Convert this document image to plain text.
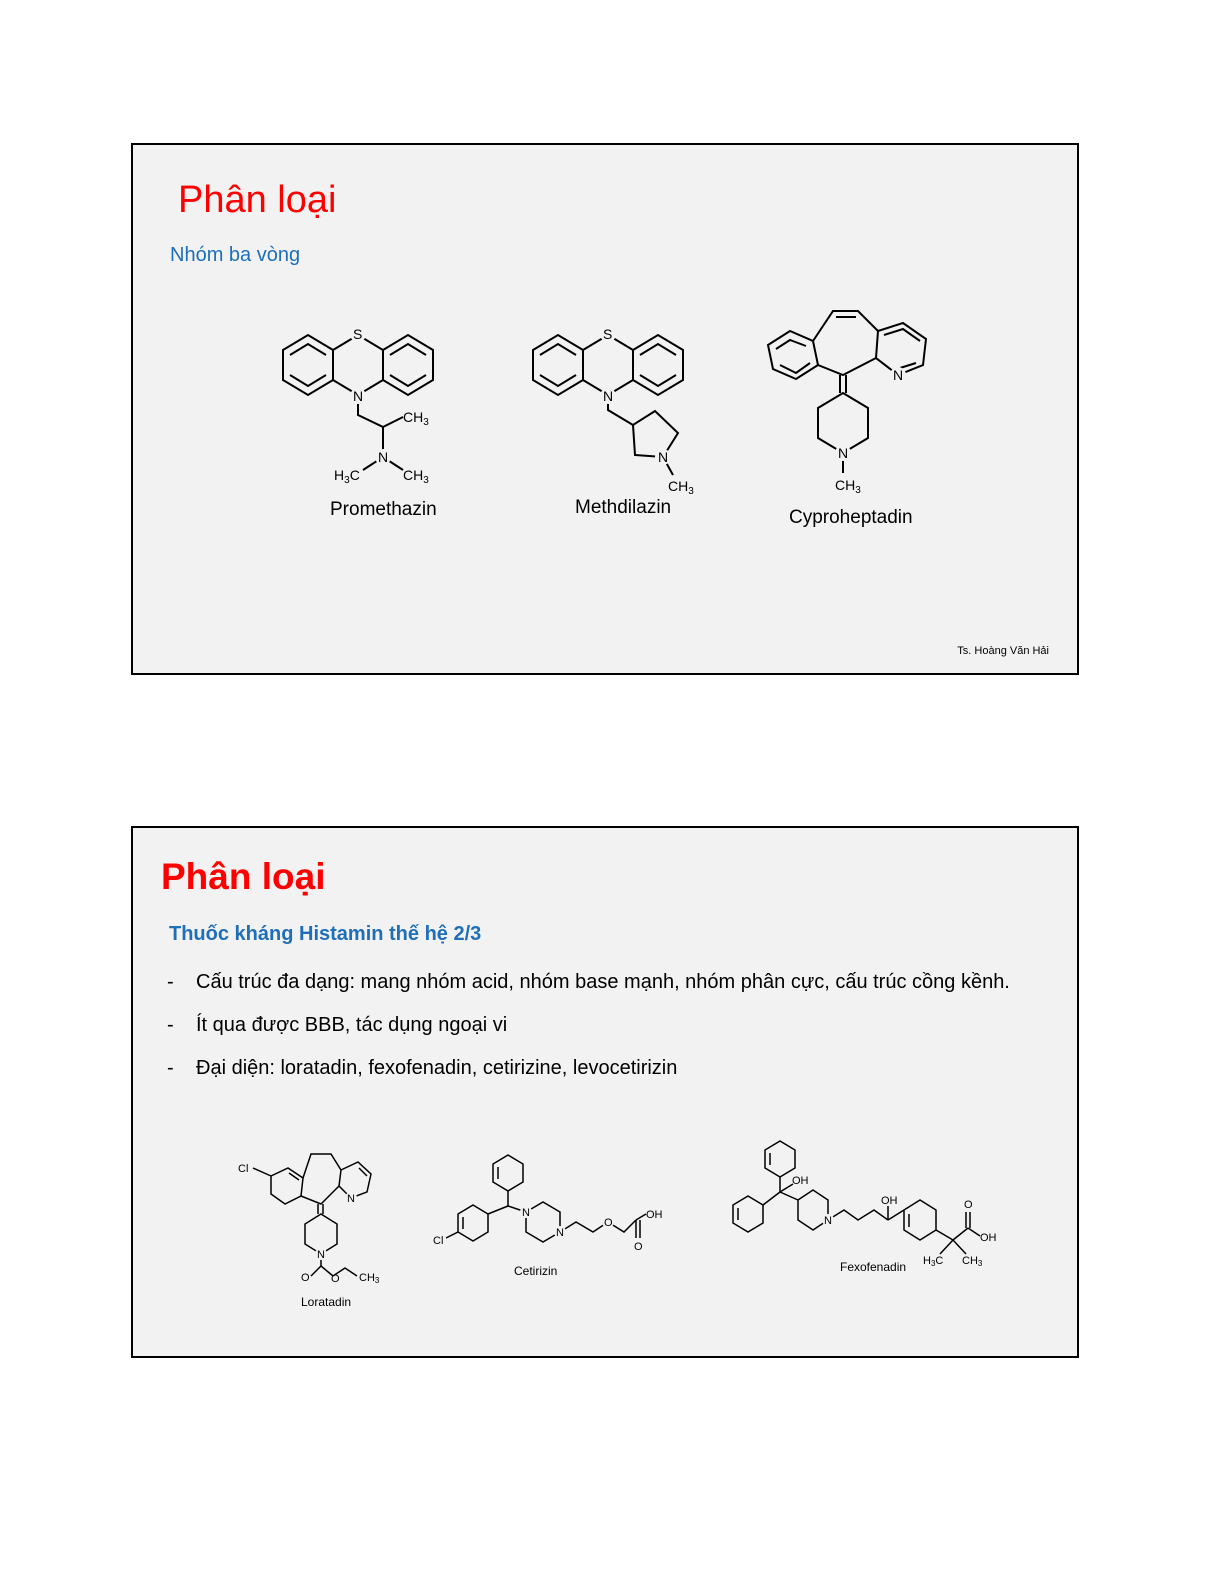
Phân loại
Nhóm ba vòng
S
N
N
$CH_3$
$H_3C$	$CH_3$
Promethazin
S
N
N
$CH_3$
Methdilazin
N
N
$CH_3$
Cyproheptadin
Ts. Hoàng Văn Hải
Phân loại
Thuốc kháng Histamin thế hệ 2/3
- Cấu trúc đa dạng: mang nhóm acid, nhóm base mạnh, nhóm phân cực, cấu trúc cồng kềnh.
- Ít qua được BBB, tác dụng ngoại vi
- Đại diện: loratadin, fexofenadin, cetirizine, levocetirizin
N
N
Cl
O O CH3
Loratadin
N
N
O
Cl
OH
O
Cetirizin
N
OH
OH	O
OH
H3C CH3
Fexofenadin
